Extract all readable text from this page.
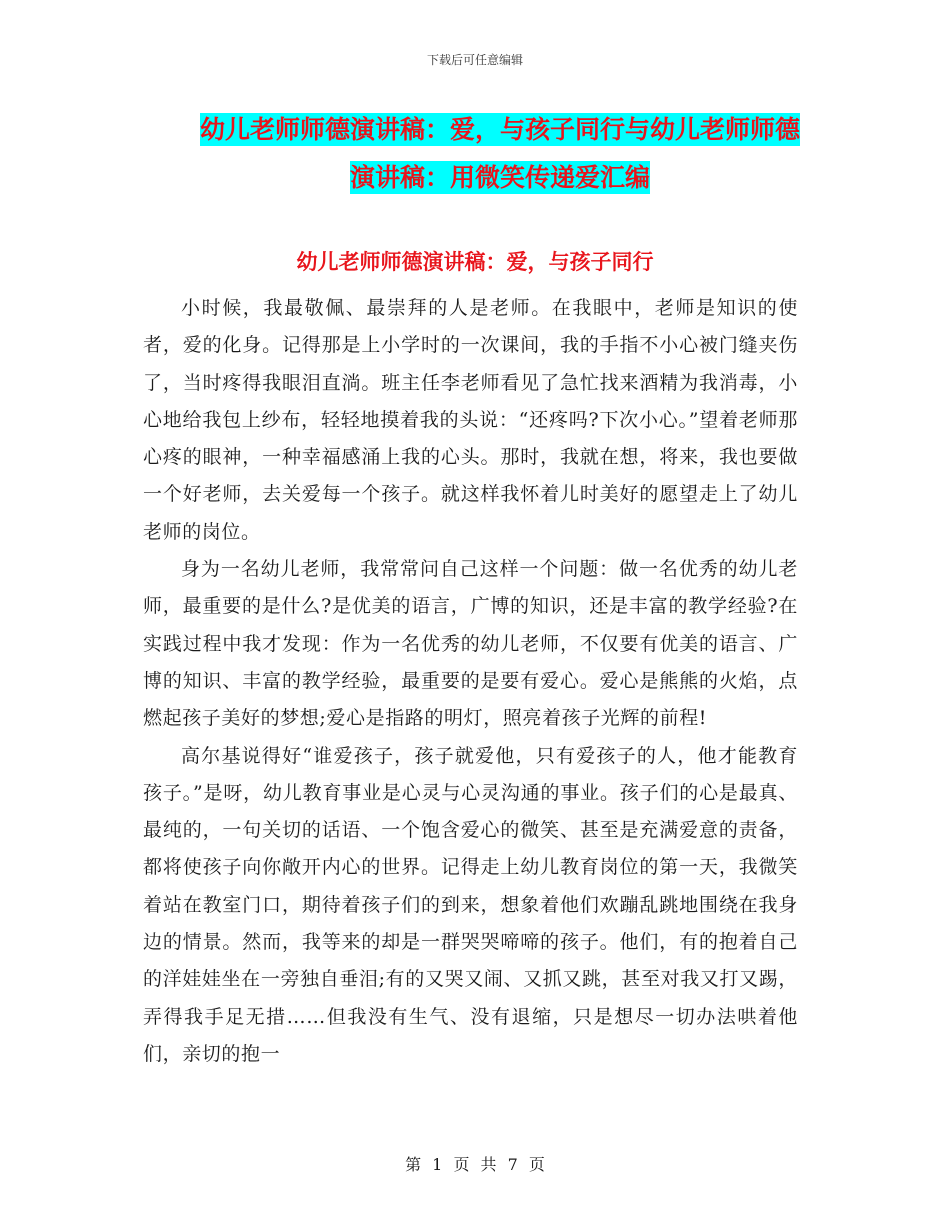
下载后可任意编辑
幼儿老师师德演讲稿：爱，与孩子同行与幼儿老师师德演讲稿：用微笑传递爱汇编
幼儿老师师德演讲稿：爱，与孩子同行

小时候，我最敬佩、最崇拜的人是老师。在我眼中，老师是知识的使者，爱的化身。记得那是上小学时的一次课间，我的手指不小心被门缝夹伤了，当时疼得我眼泪直淌。班主任李老师看见了急忙找来酒精为我消毒，小心地给我包上纱布，轻轻地摸着我的头说：“还疼吗?下次小心。”望着老师那心疼的眼神，一种幸福感涌上我的心头。那时，我就在想，将来，我也要做一个好老师，去关爱每一个孩子。就这样我怀着儿时美好的愿望走上了幼儿老师的岗位。

身为一名幼儿老师，我常常问自己这样一个问题：做一名优秀的幼儿老师，最重要的是什么?是优美的语言，广博的知识，还是丰富的教学经验?在实践过程中我才发现：作为一名优秀的幼儿老师，不仅要有优美的语言、广博的知识、丰富的教学经验，最重要的是要有爱心。爱心是熊熊的火焰，点燃起孩子美好的梦想;爱心是指路的明灯，照亮着孩子光辉的前程!

高尔基说得好“谁爱孩子，孩子就爱他，只有爱孩子的人，他才能教育孩子。”是呀，幼儿教育事业是心灵与心灵沟通的事业。孩子们的心是最真、最纯的，一句关切的话语、一个饱含爱心的微笑、甚至是充满爱意的责备，都将使孩子向你敞开内心的世界。记得走上幼儿教育岗位的第一天，我微笑着站在教室门口，期待着孩子们的到来，想象着他们欢蹦乱跳地围绕在我身边的情景。然而，我等来的却是一群哭哭啼啼的孩子。他们，有的抱着自己的洋娃娃坐在一旁独自垂泪;有的又哭又闹、又抓又跳，甚至对我又打又踢，弄得我手足无措……但我没有生气、没有退缩，只是想尽一切办法哄着他们，亲切的抱一

第 1 页 共 7 页
